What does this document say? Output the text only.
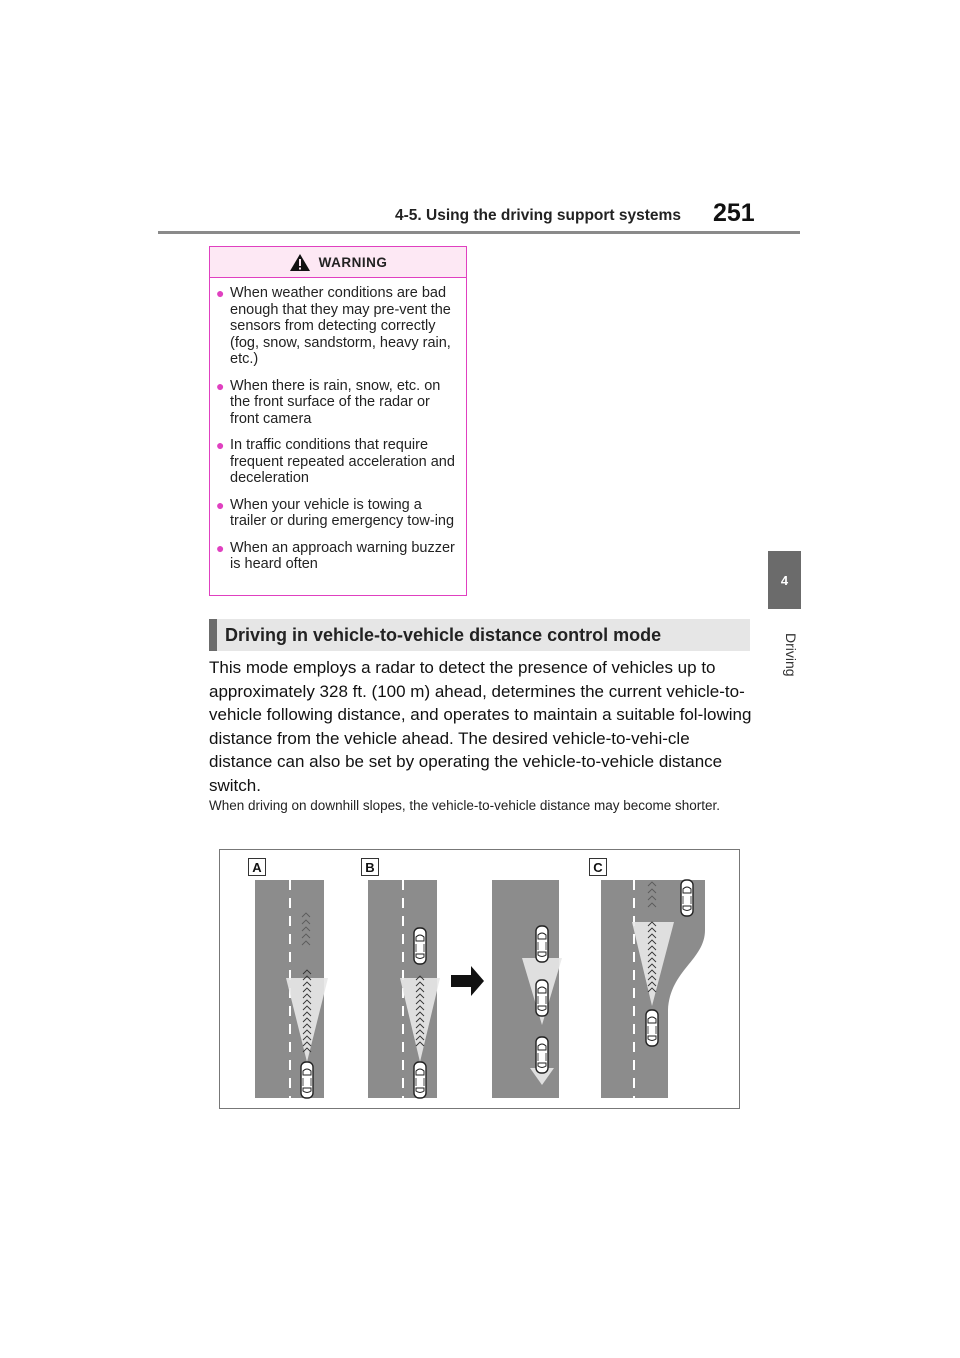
4-5. Using the driving support systems 251
4
Driving
WARNING
● When weather conditions are bad enough that they may pre-vent the sensors from detecting correctly (fog, snow, sandstorm, heavy rain, etc.)
● When there is rain, snow, etc. on the front surface of the radar or front camera
● In traffic conditions that require frequent repeated acceleration and deceleration
● When your vehicle is towing a trailer or during emergency tow-ing
● When an approach warning buzzer is heard often
Driving in vehicle-to-vehicle distance control mode

This mode employs a radar to detect the presence of vehicles up to approximately 328 ft. (100 m) ahead, determines the current vehicle-to-vehicle following distance, and operates to maintain a suitable fol-lowing distance from the vehicle ahead. The desired vehicle-to-vehi-cle distance can also be set by operating the vehicle-to-vehicle distance switch.

When driving on downhill slopes, the vehicle-to-vehicle distance may become shorter.

A	B	C
